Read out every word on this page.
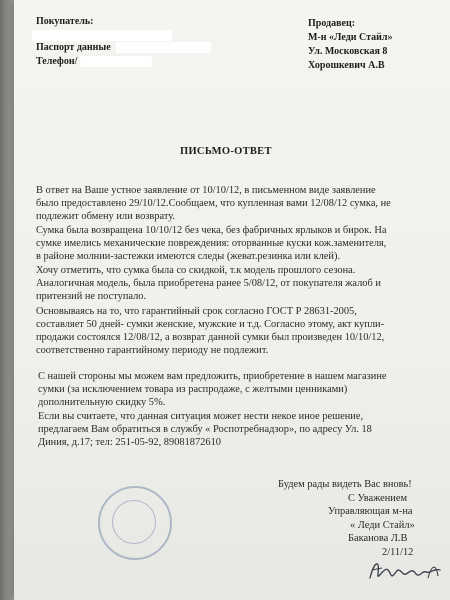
Покупатель:
Паспорт данные
Телефон/
Продавец:
М-н «Леди Стайл»
Ул. Московская 8
Хорошкевич А.В
ПИСЬМО-ОТВЕТ
В ответ на Ваше устное заявление от 10/10/12, в письменном виде заявление
было предоставлено 29/10/12.Сообщаем, что купленная вами 12/08/12 сумка, не
подлежит обмену или возврату.
Сумка была возвращена 10/10/12 без чека, без фабричных ярлыков и бирок. На
сумке имелись механические повреждения: оторванные куски кож.заменителя,
в районе молнии-застежки имеются следы (жеват.резинка или клей).
Хочу отметить, что сумка была со скидкой, т.к модель прошлого сезона.
Аналогичная модель, была приобретена ранее 5/08/12, от покупателя жалоб и
притензий не поступало.
Основываясь на то, что гарантийный срок согласно ГОСТ Р 28631-2005,
составляет 50 дней- сумки женские, мужские и т.д. Согласно этому, акт купли-
продажи состоялся 12/08/12, а возврат данной сумки был произведен 10/10/12,
соответственно гарантийному периоду не подлежит.
С нашей стороны мы можем вам предложить, приобретение в нашем магазине
сумки (за исключением товара из распродаже, с желтыми ценниками)
дополнительную скидку 5%.
Если вы считаете, что данная ситуация может нести некое иное решение,
предлагаем Вам обратиться в службу « Роспотребнадзор», по адресу Ул. 18
Диния, д.17; тел: 251-05-92, 89081872610
Будем рады видеть Вас вновь!
С Уважением
Управляющая м-на
« Леди Стайл»
Баканова Л.В
2/11/12
